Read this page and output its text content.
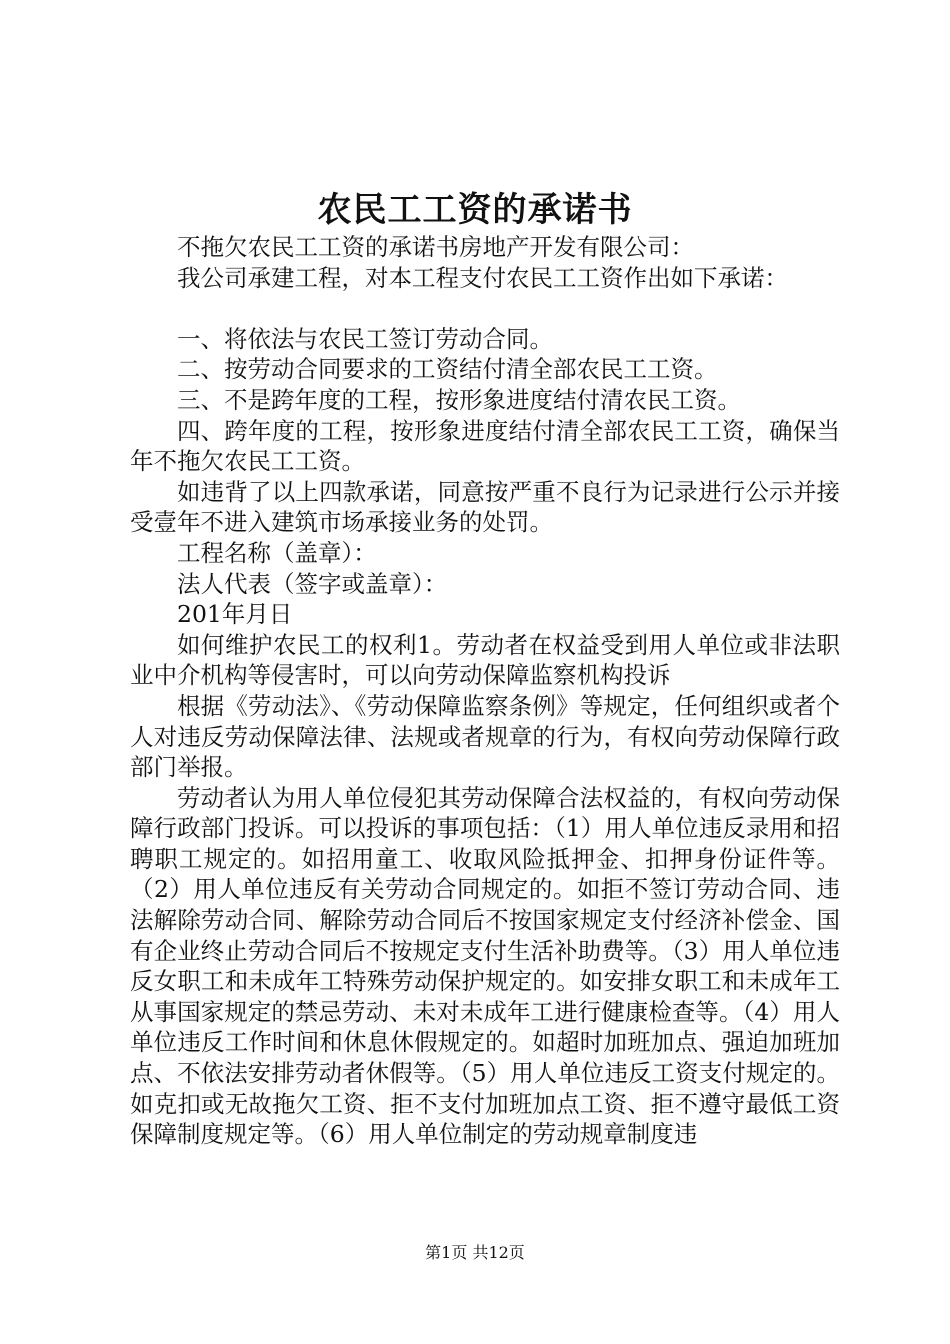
农民工工资的承诺书

不拖欠农民工工资的承诺书房地产开发有限公司：

我公司承建工程，对本工程支付农民工工资作出如下承诺：

一、将依法与农民工签订劳动合同。

二、按劳动合同要求的工资结付清全部农民工工资。

三、不是跨年度的工程，按形象进度结付清农民工资。

四、跨年度的工程，按形象进度结付清全部农民工工资，确保当年不拖欠农民工工资。

如违背了以上四款承诺，同意按严重不良行为记录进行公示并接受壹年不进入建筑市场承接业务的处罚。

工程名称（盖章）：

法人代表（签字或盖章）：

201年月日

如何维护农民工的权利1。劳动者在权益受到用人单位或非法职业中介机构等侵害时，可以向劳动保障监察机构投诉

根据《劳动法》、《劳动保障监察条例》等规定，任何组织或者个人对违反劳动保障法律、法规或者规章的行为，有权向劳动保障行政部门举报。

劳动者认为用人单位侵犯其劳动保障合法权益的，有权向劳动保障行政部门投诉。可以投诉的事项包括：（1）用人单位违反录用和招聘职工规定的。如招用童工、收取风险抵押金、扣押身份证件等。（2）用人单位违反有关劳动合同规定的。如拒不签订劳动合同、违法解除劳动合同、解除劳动合同后不按国家规定支付经济补偿金、国有企业终止劳动合同后不按规定支付生活补助费等。（3）用人单位违反女职工和未成年工特殊劳动保护规定的。如安排女职工和未成年工从事国家规定的禁忌劳动、未对未成年工进行健康检查等。（4）用人单位违反工作时间和休息休假规定的。如超时加班加点、强迫加班加点、不依法安排劳动者休假等。（5）用人单位违反工资支付规定的。如克扣或无故拖欠工资、拒不支付加班加点工资、拒不遵守最低工资保障制度规定等。（6）用人单位制定的劳动规章制度违

第1页 共12页
